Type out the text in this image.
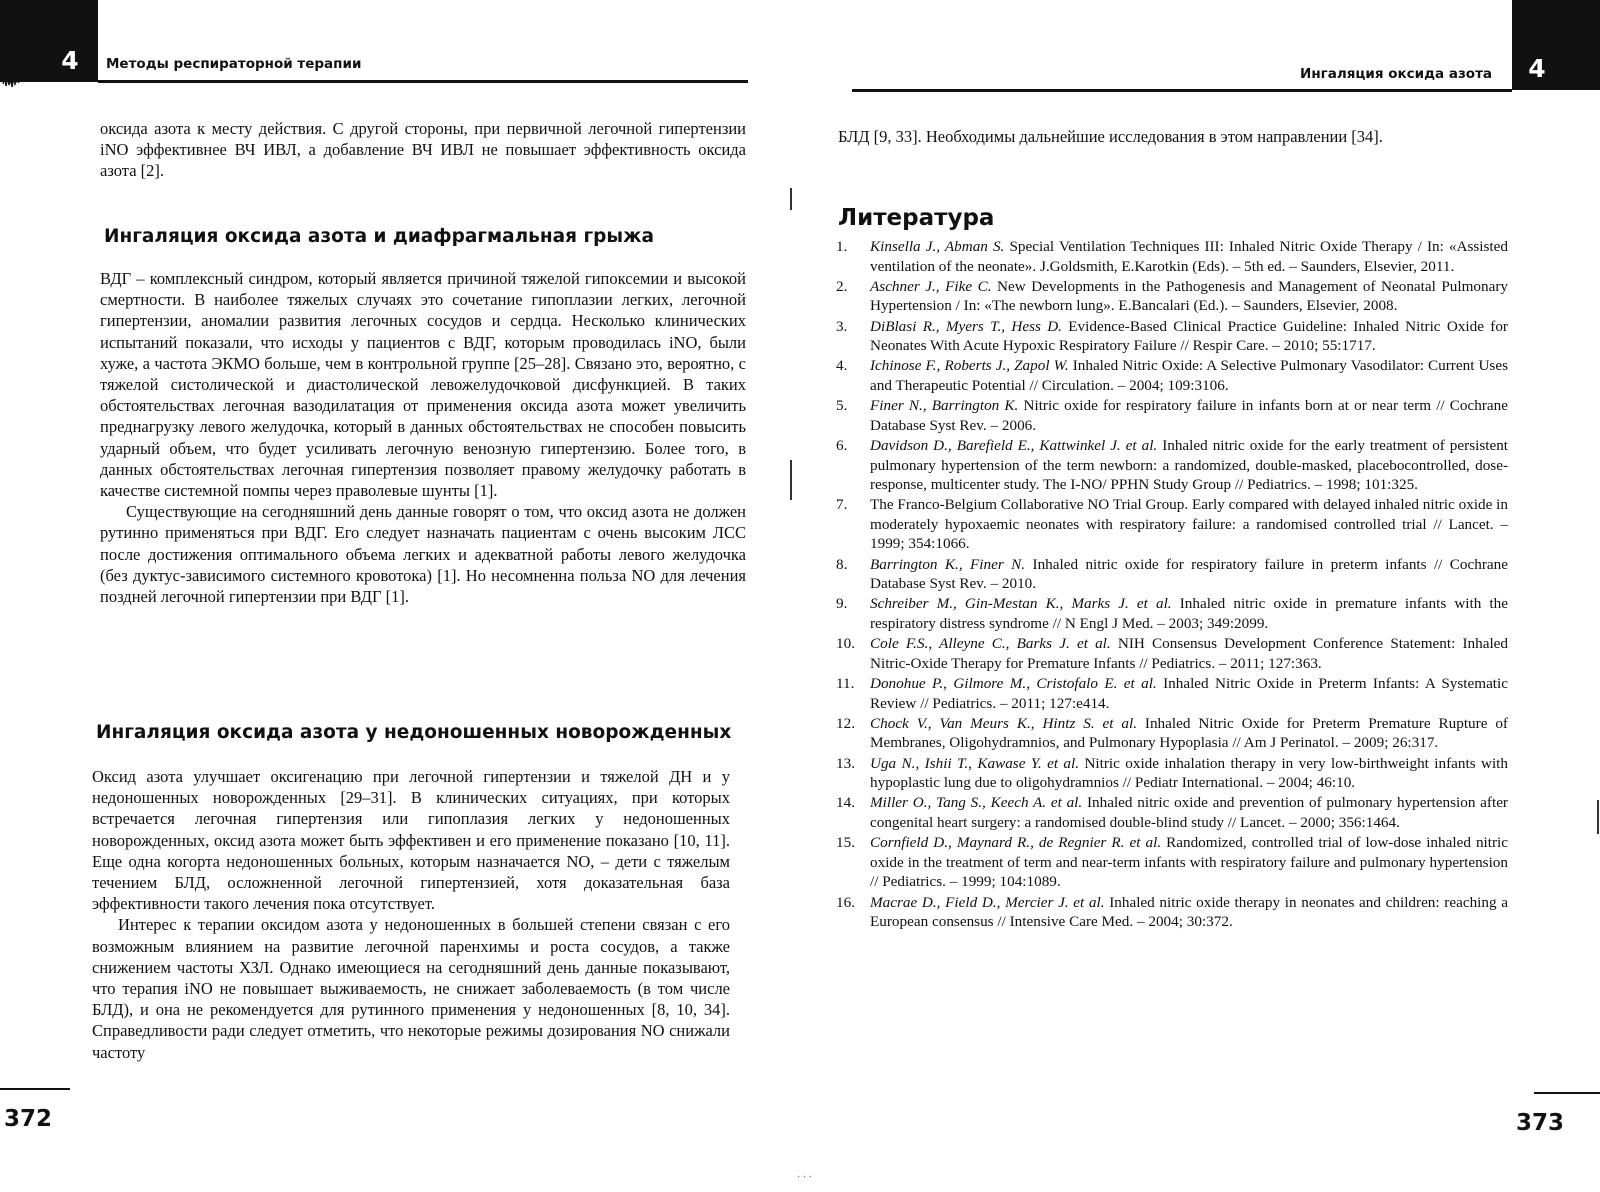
4	Методы респираторной терапии

оксида азота к месту действия. С другой стороны, при первичной легочной гипертензии iNO эффективнее ВЧ ИВЛ, а добавление ВЧ ИВЛ не повышает эффективность оксида азота [2].

Ингаляция оксида азота и диафрагмальная грыжа

ВДГ – комплексный синдром, который является причиной тяжелой гипоксемии и высокой смертности. В наиболее тяжелых случаях это сочетание гипоплазии легких, легочной гипертензии, аномалии развития легочных сосудов и сердца. Несколько клинических испытаний показали, что исходы у пациентов с ВДГ, которым проводилась iNO, были хуже, а частота ЭКМО больше, чем в контрольной группе [25–28]. Связано это, вероятно, с тяжелой систолической и диастолической левожелудочковой дисфункцией. В таких обстоятельствах легочная вазодилатация от применения оксида азота может увеличить преднагрузку левого желудочка, который в данных обстоятельствах не способен повысить ударный объем, что будет усиливать легочную венозную гипертензию. Более того, в данных обстоятельствах легочная гипертензия позволяет правому желудочку работать в качестве системной помпы через праволевые шунты [1].

Существующие на сегодняшний день данные говорят о том, что оксид азота не должен рутинно применяться при ВДГ. Его следует назначать пациентам с очень высоким ЛСС после достижения оптимального объема легких и адекватной работы левого желудочка (без дуктус-зависимого системного кровотока) [1]. Но несомненна польза NO для лечения поздней легочной гипертензии при ВДГ [1].

Ингаляция оксида азота у недоношенных новорожденных

Оксид азота улучшает оксигенацию при легочной гипертензии и тяжелой ДН и у недоношенных новорожденных [29–31]. В клинических ситуациях, при которых встречается легочная гипертензия или гипоплазия легких у недоношенных новорожденных, оксид азота может быть эффективен и его применение показано [10, 11]. Еще одна когорта недоношенных больных, которым назначается NO, – дети с тяжелым течением БЛД, осложненной легочной гипертензией, хотя доказательная база эффективности такого лечения пока отсутствует.

Интерес к терапии оксидом азота у недоношенных в большей степени связан с его возможным влиянием на развитие легочной паренхимы и роста сосудов, а также снижением частоты ХЗЛ. Однако имеющиеся на сегодняшний день данные показывают, что терапия iNO не повышает выживаемость, не снижает заболеваемость (в том числе БЛД), и она не рекомендуется для рутинного применения у недоношенных [8, 10, 34]. Справедливости ради следует отметить, что некоторые режимы дозирования NO снижали частоту

372
4
Ингаляция оксида азота

БЛД [9, 33]. Необходимы дальнейшие исследования в этом направлении [34].

Литература
1.	Kinsella J., Abman S. Special Ventilation Techniques III: Inhaled Nitric Oxide Therapy / In: «Assisted ventilation of the neonate». J.Goldsmith, E.Karotkin (Eds). – 5th ed. – Saunders, Elsevier, 2011.
2.	Aschner J., Fike C. New Developments in the Pathogenesis and Management of Neonatal Pulmonary Hypertension / In: «The newborn lung». E.Bancalari (Ed.). – Saunders, Elsevier, 2008.
3.	DiBlasi R., Myers T., Hess D. Evidence-Based Clinical Practice Guideline: Inhaled Nitric Oxide for Neonates With Acute Hypoxic Respiratory Failure // Respir Care. – 2010; 55:1717.
4.	Ichinose F., Roberts J., Zapol W. Inhaled Nitric Oxide: A Selective Pulmonary Vasodilator: Current Uses and Therapeutic Potential // Circulation. – 2004; 109:3106.
5.	Finer N., Barrington K. Nitric oxide for respiratory failure in infants born at or near term // Cochrane Database Syst Rev. – 2006.
6.	Davidson D., Barefield E., Kattwinkel J. et al. Inhaled nitric oxide for the early treatment of persistent pulmonary hypertension of the term newborn: a randomized, double-masked, placebocontrolled, dose-response, multicenter study. The I-NO/ PPHN Study Group // Pediatrics. – 1998; 101:325.
7.	The Franco-Belgium Collaborative NO Trial Group. Early compared with delayed inhaled nitric oxide in moderately hypoxaemic neonates with respiratory failure: a randomised controlled trial // Lancet. – 1999; 354:1066.
8.	Barrington K., Finer N. Inhaled nitric oxide for respiratory failure in preterm infants // Cochrane Database Syst Rev. – 2010.
9.	Schreiber M., Gin-Mestan K., Marks J. et al. Inhaled nitric oxide in premature infants with the respiratory distress syndrome // N Engl J Med. – 2003; 349:2099.
10. Cole F.S., Alleyne C., Barks J. et al. NIH Consensus Development Conference Statement: Inhaled Nitric-Oxide Therapy for Premature Infants // Pediatrics. – 2011; 127:363.
11.	Donohue P., Gilmore M., Cristofalo E. et al. Inhaled Nitric Oxide in Preterm Infants: A Systematic Review // Pediatrics. – 2011; 127:e414.
12. Chock V., Van Meurs K., Hintz S. et al. Inhaled Nitric Oxide for Preterm Premature Rupture of Membranes, Oligohydramnios, and Pulmonary Hypoplasia // Am J Perinatol. – 2009; 26:317.
13. Uga N., Ishii T., Kawase Y. et al. Nitric oxide inhalation therapy in very low-birthweight infants with hypoplastic lung due to oligohydramnios // Pediatr International. – 2004; 46:10.
14. Miller O., Tang S., Keech A. et al. Inhaled nitric oxide and prevention of pulmonary hypertension after congenital heart surgery: a randomised double-blind study // Lancet. – 2000; 356:1464.
15. Cornfield D., Maynard R., de Regnier R. et al. Randomized, controlled trial of low-dose inhaled nitric oxide in the treatment of term and near-term infants with respiratory failure and pulmonary hypertension // Pediatrics. – 1999; 104:1089.
16. Macrae D., Field D., Mercier J. et al. Inhaled nitric oxide therapy in neonates and children: reaching a European consensus // Intensive Care Med. – 2004; 30:372.
373
· · ·
